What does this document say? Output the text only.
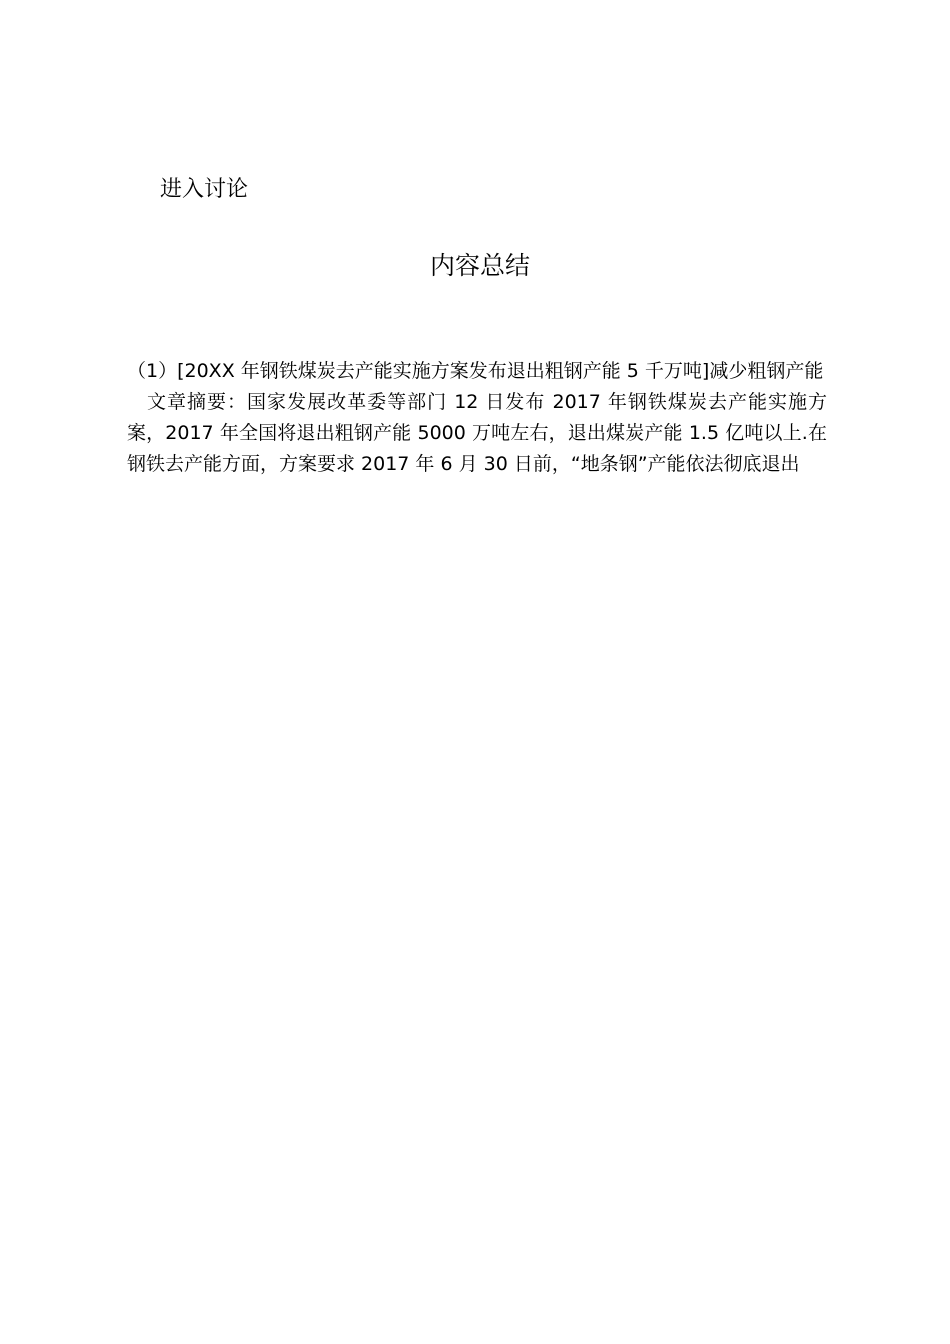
进入讨论
内容总结

（1）[20XX 年钢铁煤炭去产能实施方案发布退出粗钢产能 5 千万吨]减少粗钢产能

文章摘要：国家发展改革委等部门 12 日发布 2017 年钢铁煤炭去产能实施方案，2017 年全国将退出粗钢产能 5000 万吨左右，退出煤炭产能 1.5 亿吨以上.在钢铁去产能方面，方案要求 2017 年 6 月 30 日前，“地条钢”产能依法彻底退出
